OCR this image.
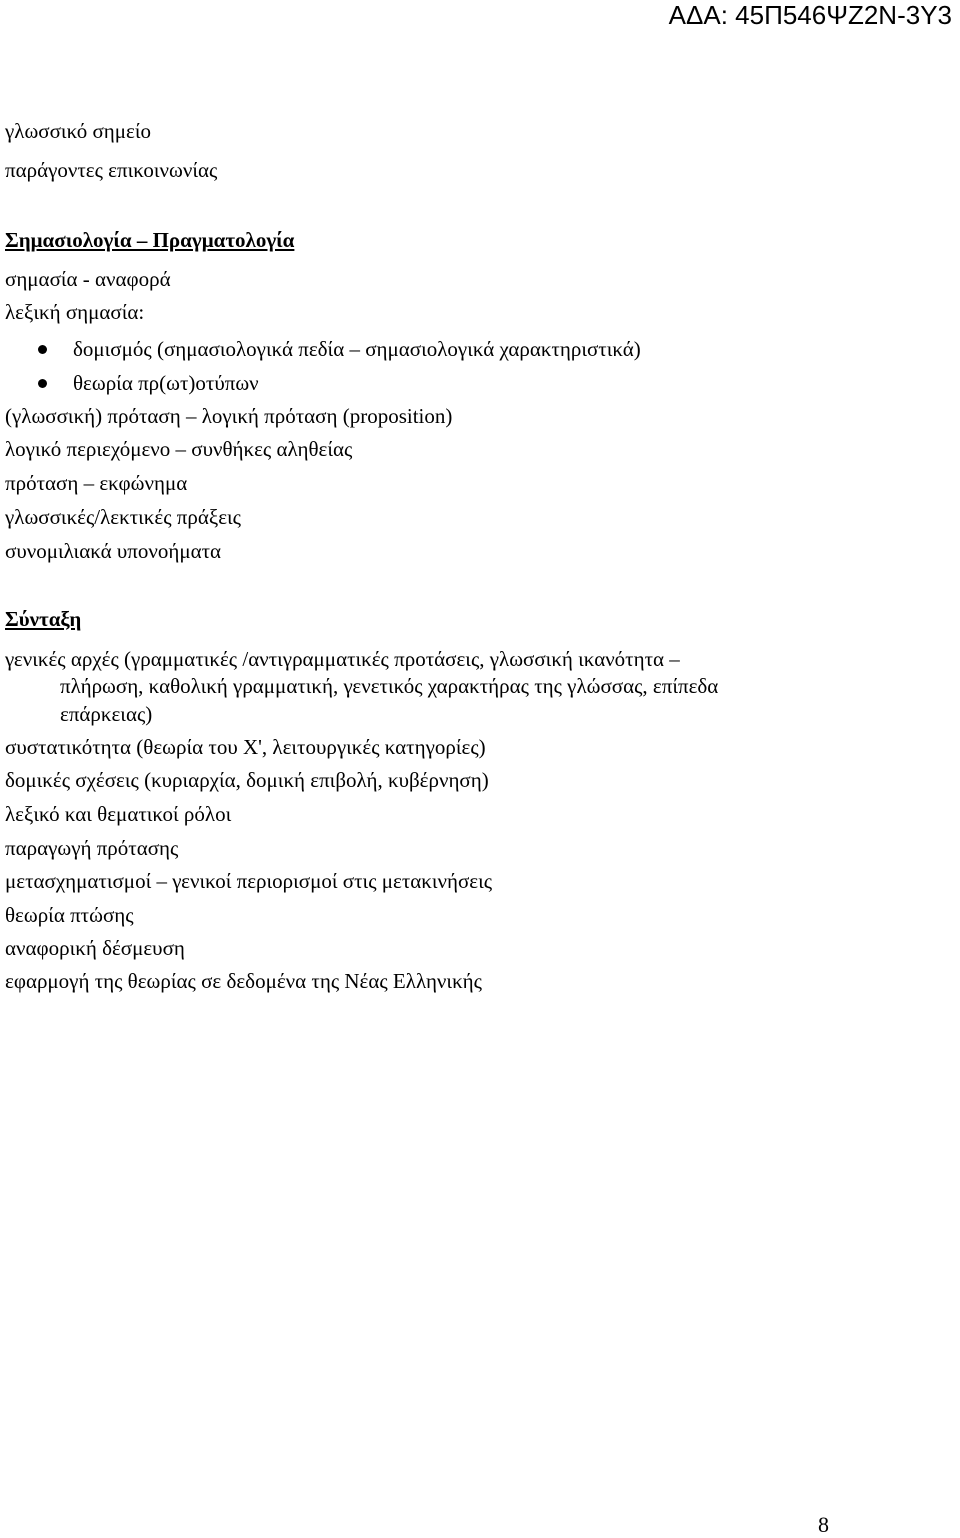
ΑΔΑ: 45Π546ΨΖ2Ν-3Υ3
γλωσσικό σημείο
παράγοντες επικοινωνίας
Σημασιολογία – Πραγματολογία
σημασία - αναφορά
λεξική σημασία:
δομισμός (σημασιολογικά πεδία – σημασιολογικά χαρακτηριστικά)
θεωρία πρ(ωτ)οτύπων
(γλωσσική) πρόταση – λογική πρόταση (proposition)
λογικό περιεχόμενο – συνθήκες αληθείας
πρόταση – εκφώνημα
γλωσσικές/λεκτικές πράξεις
συνομιλιακά υπονοήματα
Σύνταξη
γενικές αρχές (γραμματικές /αντιγραμματικές προτάσεις, γλωσσική ικανότητα –
πλήρωση, καθολική γραμματική, γενετικός χαρακτήρας της γλώσσας, επίπεδα
επάρκειας)
συστατικότητα (θεωρία του X', λειτουργικές κατηγορίες)
δομικές σχέσεις (κυριαρχία, δομική επιβολή, κυβέρνηση)
λεξικό και θεματικοί ρόλοι
παραγωγή πρότασης
μετασχηματισμοί – γενικοί περιορισμοί στις μετακινήσεις
θεωρία πτώσης
αναφορική δέσμευση
εφαρμογή της θεωρίας σε δεδομένα της Νέας Ελληνικής
8
